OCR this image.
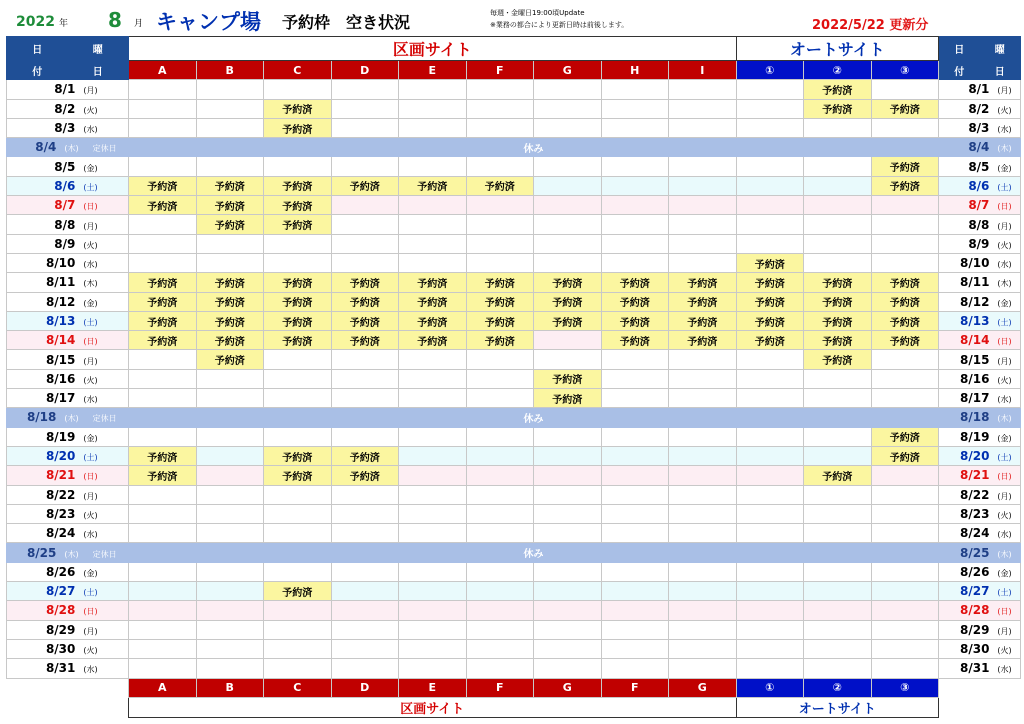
2022 年 8 月 キャンプ場 予約枠　空き状況	毎週・金曜日19:00頃Update
※業務の都合により更新日時は前後します。	2022/5/22 更新分
日 曜	区画サイト									オートサイト			日 曜
付 日	A	B	C	D	E	F	G	H	I	①	②	③	付 日
8/1 (月)											予約済		8/1 (月)
8/2 (火)			予約済								予約済	予約済	8/2 (火)
8/3 (水)			予約済										8/3 (水)
8/4 (木) 定休日	休み												8/4 (木)
8/5 (金)												予約済	8/5 (金)
8/6 (土)	予約済	予約済	予約済	予約済	予約済	予約済						予約済	8/6 (土)
8/7 (日)	予約済	予約済	予約済										8/7 (日)
8/8 (月)		予約済	予約済										8/8 (月)
8/9 (火)													8/9 (火)
8/10 (水)										予約済			8/10 (水)
8/11 (木)	予約済	予約済	予約済	予約済	予約済	予約済	予約済	予約済	予約済	予約済	予約済	予約済	8/11 (木)
8/12 (金)	予約済	予約済	予約済	予約済	予約済	予約済	予約済	予約済	予約済	予約済	予約済	予約済	8/12 (金)
8/13 (土)	予約済	予約済	予約済	予約済	予約済	予約済	予約済	予約済	予約済	予約済	予約済	予約済	8/13 (土)
8/14 (日)	予約済	予約済	予約済	予約済	予約済	予約済		予約済	予約済	予約済	予約済	予約済	8/14 (日)
8/15 (月)		予約済									予約済		8/15 (月)
8/16 (火)							予約済						8/16 (火)
8/17 (水)							予約済						8/17 (水)
8/18 (木) 定休日	休み												8/18 (木)
8/19 (金)												予約済	8/19 (金)
8/20 (土)	予約済		予約済	予約済								予約済	8/20 (土)
8/21 (日)	予約済		予約済	予約済							予約済		8/21 (日)
8/22 (月)													8/22 (月)
8/23 (火)													8/23 (火)
8/24 (水)													8/24 (水)
8/25 (木) 定休日	休み												8/25 (木)
8/26 (金)													8/26 (金)
8/27 (土)			予約済										8/27 (土)
8/28 (日)													8/28 (日)
8/29 (月)													8/29 (月)
8/30 (火)													8/30 (火)
8/31 (水)													8/31 (水)
	A	B	C	D	E	F	G	F	G	①	②	③	
	区画サイト									オートサイト			
